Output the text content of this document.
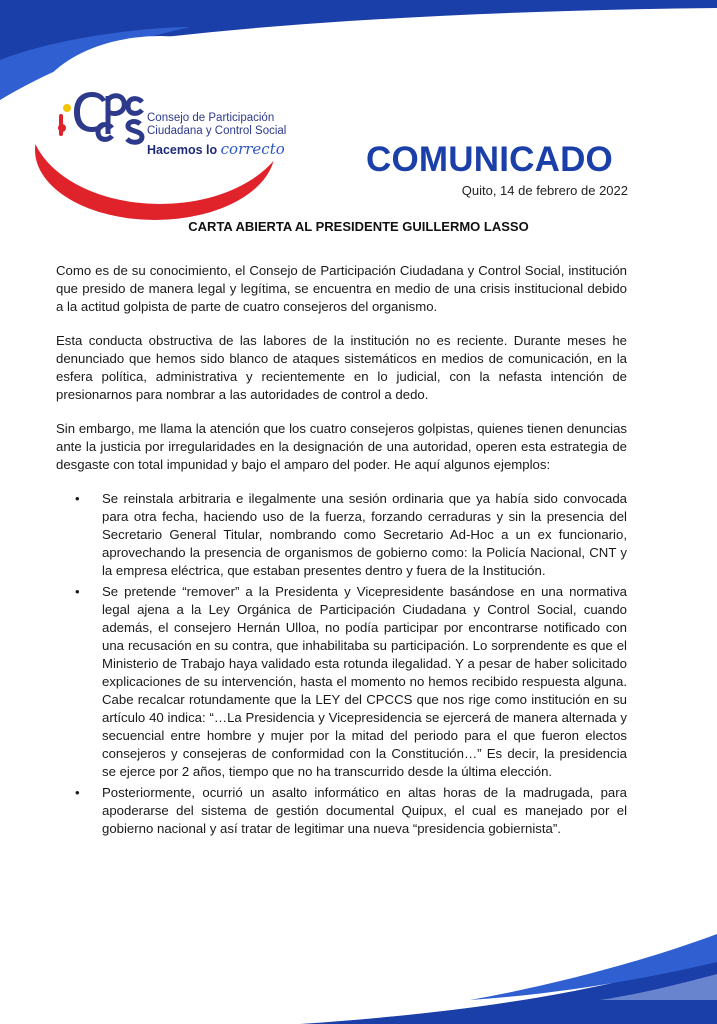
Consejo de Participación
Ciudadana y Control Social
Hacemos lo correcto COMUNICADO
Quito, 14 de febrero de 2022
CARTA ABIERTA AL PRESIDENTE GUILLERMO LASSO

Como es de su conocimiento, el Consejo de Participación Ciudadana y Control Social, institución que presido de manera legal y legítima, se encuentra en medio de una crisis institucional debido a la actitud golpista de parte de cuatro consejeros del organismo.

Esta conducta obstructiva de las labores de la institución no es reciente. Durante meses he denunciado que hemos sido blanco de ataques sistemáticos en medios de comunicación, en la esfera política, administrativa y recientemente en lo judicial, con la nefasta intención de presionarnos para nombrar a las autoridades de control a dedo.

Sin embargo, me llama la atención que los cuatro consejeros golpistas, quienes tienen denuncias ante la justicia por irregularidades en la designación de una autoridad, operen esta estrategia de desgaste con total impunidad y bajo el amparo del poder. He aquí algunos ejemplos:

• Se reinstala arbitraria e ilegalmente una sesión ordinaria que ya había sido convocada para otra fecha, haciendo uso de la fuerza, forzando cerraduras y sin la presencia del Secretario General Titular, nombrando como Secretario Ad-Hoc a un ex funcionario, aprovechando la presencia de organismos de gobierno como: la Policía Nacional, CNT y la empresa eléctrica, que estaban presentes dentro y fuera de la Institución.
• Se pretende “remover” a la Presidenta y Vicepresidente basándose en una normativa legal ajena a la Ley Orgánica de Participación Ciudadana y Control Social, cuando además, el consejero Hernán Ulloa, no podía participar por encontrarse notificado con una recusación en su contra, que inhabilitaba su participación. Lo sorprendente es que el Ministerio de Trabajo haya validado esta rotunda ilegalidad. Y a pesar de haber solicitado explicaciones de su intervención, hasta el momento no hemos recibido respuesta alguna. Cabe recalcar rotundamente que la LEY del CPCCS que nos rige como institución en su artículo 40 indica: “…La Presidencia y Vicepresidencia se ejercerá de manera alternada y secuencial entre hombre y mujer por la mitad del periodo para el que fueron electos consejeros y consejeras de conformidad con la Constitución…” Es decir, la presidencia se ejerce por 2 años, tiempo que no ha transcurrido desde la última elección.
• Posteriormente, ocurrió un asalto informático en altas horas de la madrugada, para apoderarse del sistema de gestión documental Quipux, el cual es manejado por el gobierno nacional y así tratar de legitimar una nueva “presidencia gobiernista”.
